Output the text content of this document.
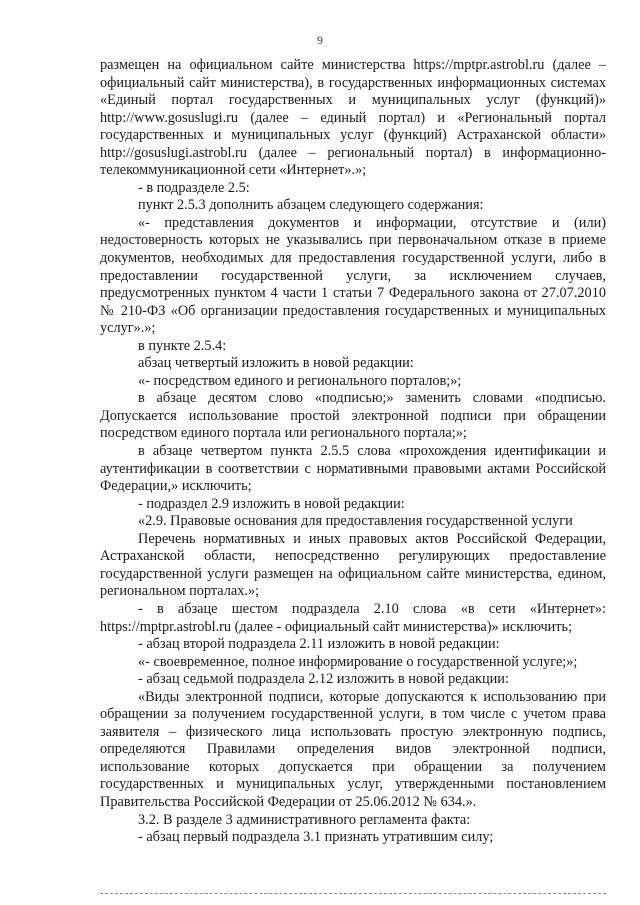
9

размещен на официальном сайте министерства https://mptpr.astrobl.ru (далее – официальный сайт министерства), в государственных информационных системах «Единый портал государственных и муниципальных услуг (функций)» http://www.gosuslugi.ru (далее – единый портал) и «Региональный портал государственных и муниципальных услуг (функций) Астраханской области» http://gosuslugi.astrobl.ru (далее – региональный портал) в информационно-телекоммуникационной сети «Интернет».»;

- в подразделе 2.5:

пункт 2.5.3 дополнить абзацем следующего содержания:

«- представления документов и информации, отсутствие и (или) недостоверность которых не указывались при первоначальном отказе в приеме документов, необходимых для предоставления государственной услуги, либо в предоставлении государственной услуги, за исключением случаев, предусмотренных пунктом 4 части 1 статьи 7 Федерального закона от 27.07.2010 № 210-ФЗ «Об организации предоставления государственных и муниципальных услуг».»;

в пункте 2.5.4:

абзац четвертый изложить в новой редакции:

«- посредством единого и регионального порталов;»;

в абзаце десятом слово «подписью;» заменить словами «подписью. Допускается использование простой электронной подписи при обращении посредством единого портала или регионального портала;»;

в абзаце четвертом пункта 2.5.5 слова «прохождения идентификации и аутентификации в соответствии с нормативными правовыми актами Российской Федерации,» исключить;

- подраздел 2.9 изложить в новой редакции:

«2.9. Правовые основания для предоставления государственной услуги

Перечень нормативных и иных правовых актов Российской Федерации, Астраханской области, непосредственно регулирующих предоставление государственной услуги размещен на официальном сайте министерства, едином, региональном порталах.»;

- в абзаце шестом подраздела 2.10 слова «в сети «Интернет»: https://mptpr.astrobl.ru (далее - официальный сайт министерства)» исключить;

- абзац второй подраздела 2.11 изложить в новой редакции:

«- своевременное, полное информирование о государственной услуге;»;

- абзац седьмой подраздела 2.12 изложить в новой редакции:

«Виды электронной подписи, которые допускаются к использованию при обращении за получением государственной услуги, в том числе с учетом права заявителя – физического лица использовать простую электронную подпись, определяются Правилами определения видов электронной подписи, использование которых допускается при обращении за получением государственных и муниципальных услуг, утвержденными постановлением Правительства Российской Федерации от 25.06.2012 № 634.».

3.2. В разделе 3 административного регламента факта:

- абзац первый подраздела 3.1 признать утратившим силу;
